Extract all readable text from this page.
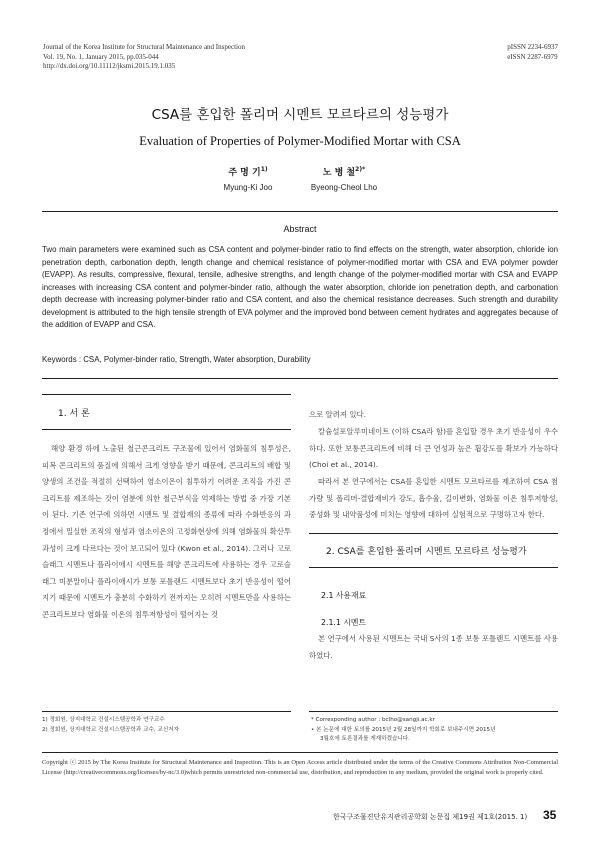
Journal of the Korea Institute for Structural Maintenance and Inspection
Vol. 19, No. 1, January 2015, pp.035-044
http://dx.doi.org/10.11112/jksmi.2015.19.1.035
pISSN 2234-6937
eISSN 2287-6979
CSA를 혼입한 폴리머 시멘트 모르타르의 성능평가
Evaluation of Properties of Polymer-Modified Mortar with CSA
주 명 기$^{1)}$
Myung-Ki Joo
노 병 철$^{2)*}$
Byeong-Cheol Lho
Abstract
Two main parameters were examined such as CSA content and polymer-binder ratio to find effects on the strength, water absorption, chloride ion penetration depth, carbonation depth, length change and chemical resistance of polymer-modified mortar with CSA and EVA polymer powder (EVAPP). As results, compressive, flexural, tensile, adhesive strengths, and length change of the polymer-modified mortar with CSA and EVAPP increases with increasing CSA content and polymer-binder ratio, although the water absorption, chloride ion penetration depth, and carbonation depth decrease with increasing polymer-binder ratio and CSA content, and also the chemical resistance decreases. Such strength and durability development is attributed to the high tensile strength of EVA polymer and the improved bond between cement hydrates and aggregates because of the addition of EVAPP and CSA.
Keywords : CSA, Polymer-binder ratio, Strength, Water absorption, Durability
1. 서 론
해양 환경 하에 노출된 철근콘크리트 구조물에 있어서 염화물의 침투성은, 피복 콘크리트의 품질에 의해서 크게 영향을 받기 때문에, 콘크리트의 배합 및 양생의 조건을 적절히 선택하여 염소이온이 침투하기 어려운 조직을 가진 콘크리트를 제조하는 것이 염분에 의한 철근부식을 억제하는 방법 중 가장 기본이 된다. 기존 연구에 의하면 시멘트 및 결합재의 종류에 따라 수화반응의 과정에서 밀실한 조직의 형성과 염소이온의 고정화현상에 의해 염화물의 확산투과성이 크게 다르다는 것이 보고되어 있다 (Kwon et al., 2014). 그러나 고로슬래그 시멘트나 플라이애시 시멘트를 해양 콘크리트에 사용하는 경우 고로슬래그 미분말이나 플라이애시가 보통 포틀랜드 시멘트보다 초기 반응성이 떨어지기 때문에 시멘트가 충분히 수화하기 전까지는 오히려 시멘트만을 사용하는 콘크리트보다 염화물 이온의 침투저항성이 떨어지는 것
으로 알려져 있다.
칼슘설포알루미네이트 (이하 CSA라 함)를 혼입할 경우 초기 반응성이 우수하다. 또한 보통콘크리트에 비해 더 큰 연성과 높은 휨강도를 확보가 가능하다 (Choi et al., 2014).
따라서 본 연구에서는 CSA를 혼입한 시멘트 모르타르를 제조하여 CSA 첨가량 및 폴리머-결합재비가 강도, 흡수율, 길이변화, 염화물 이온 침투저항성, 중성화 및 내약품성에 미치는 영향에 대하여 실험적으로 구명하고자 한다.
2. CSA를 혼입한 폴리머 시멘트 모르타르 성능평가
2.1 사용재료
2.1.1 시멘트
본 연구에서 사용된 시멘트는 국내 S사의 1종 보통 포틀랜드 시멘트를 사용하였다.
1) 정회원, 상지대학교 건설시스템공학과 연구교수
2) 정회원, 상지대학교 건설시스템공학과 교수, 교신저자
* Corresponding author : bclho@sangji.ac.kr
• 본 논문에 대한 토의를 2015년 2월 28일까지 학회로 보내주시면 2015년
3월호에 토론결과를 게재하겠습니다.
Copyright ⓒ 2015 by The Korea Institute for Structural Maintenance and Inspection. This is an Open Access article distributed under the terms of the Creative Commons Attribution Non-Commercial License (http://creativecommons.org/licenses/by-nc/3.0)which permits unrestricted non-commercial use, distribution, and reproduction in any medium, provided the original work is properly cited.
한국구조물진단유지관리공학회 논문집 제19권 제1호(2015. 1) 35
